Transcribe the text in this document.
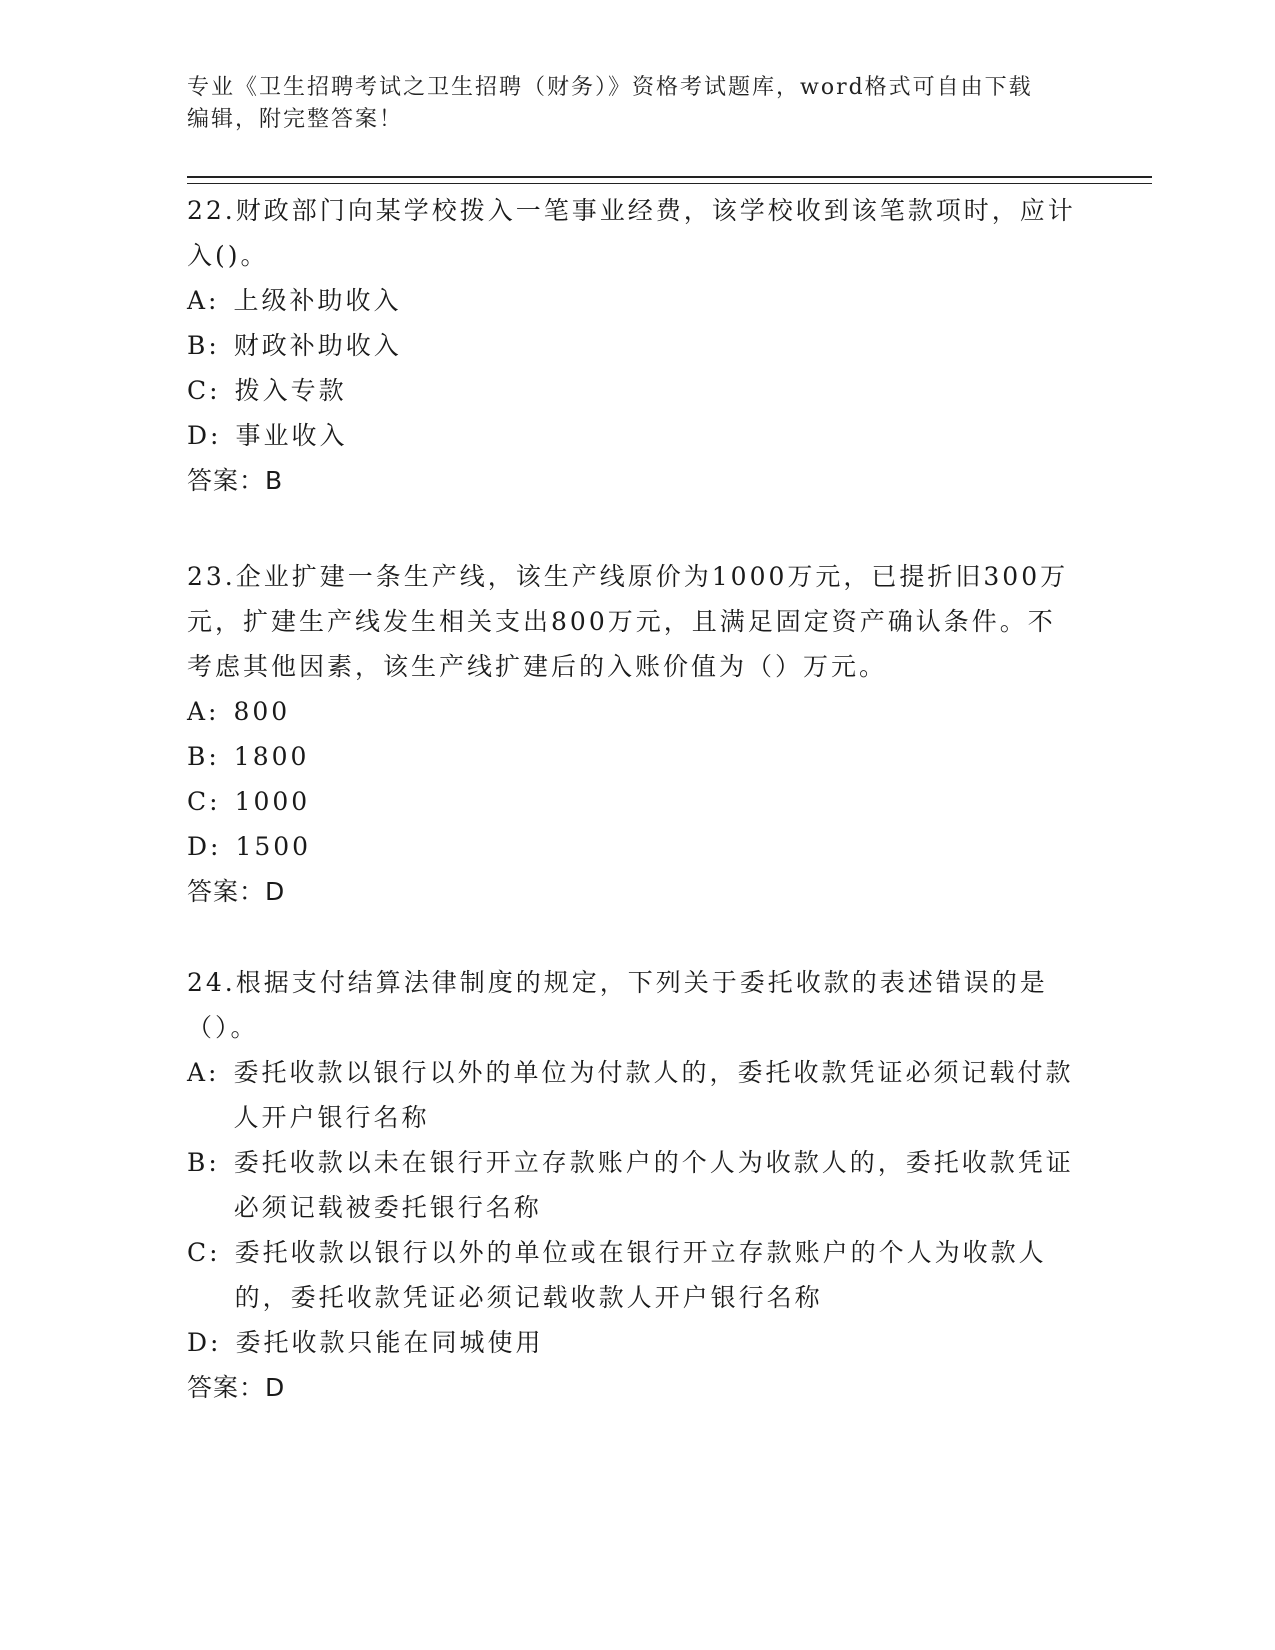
专业《卫生招聘考试之卫生招聘（财务）》资格考试题库，word格式可自由下载
编辑，附完整答案！

22.财政部门向某学校拨入一笔事业经费，该学校收到该笔款项时，应计入()。

A: 上级补助收入

B: 财政补助收入

C: 拨入专款

D: 事业收入

答案：B

23.企业扩建一条生产线，该生产线原价为1000万元，已提折旧300万元，扩建生产线发生相关支出800万元，且满足固定资产确认条件。不考虑其他因素，该生产线扩建后的入账价值为（）万元。

A: 800

B: 1800

C: 1000

D: 1500

答案：D

24.根据支付结算法律制度的规定，下列关于委托收款的表述错误的是（）。

A: 委托收款以银行以外的单位为付款人的，委托收款凭证必须记载付款人开户银行名称

B: 委托收款以未在银行开立存款账户的个人为收款人的，委托收款凭证必须记载被委托银行名称

C: 委托收款以银行以外的单位或在银行开立存款账户的个人为收款人的，委托收款凭证必须记载收款人开户银行名称

D: 委托收款只能在同城使用

答案：D
